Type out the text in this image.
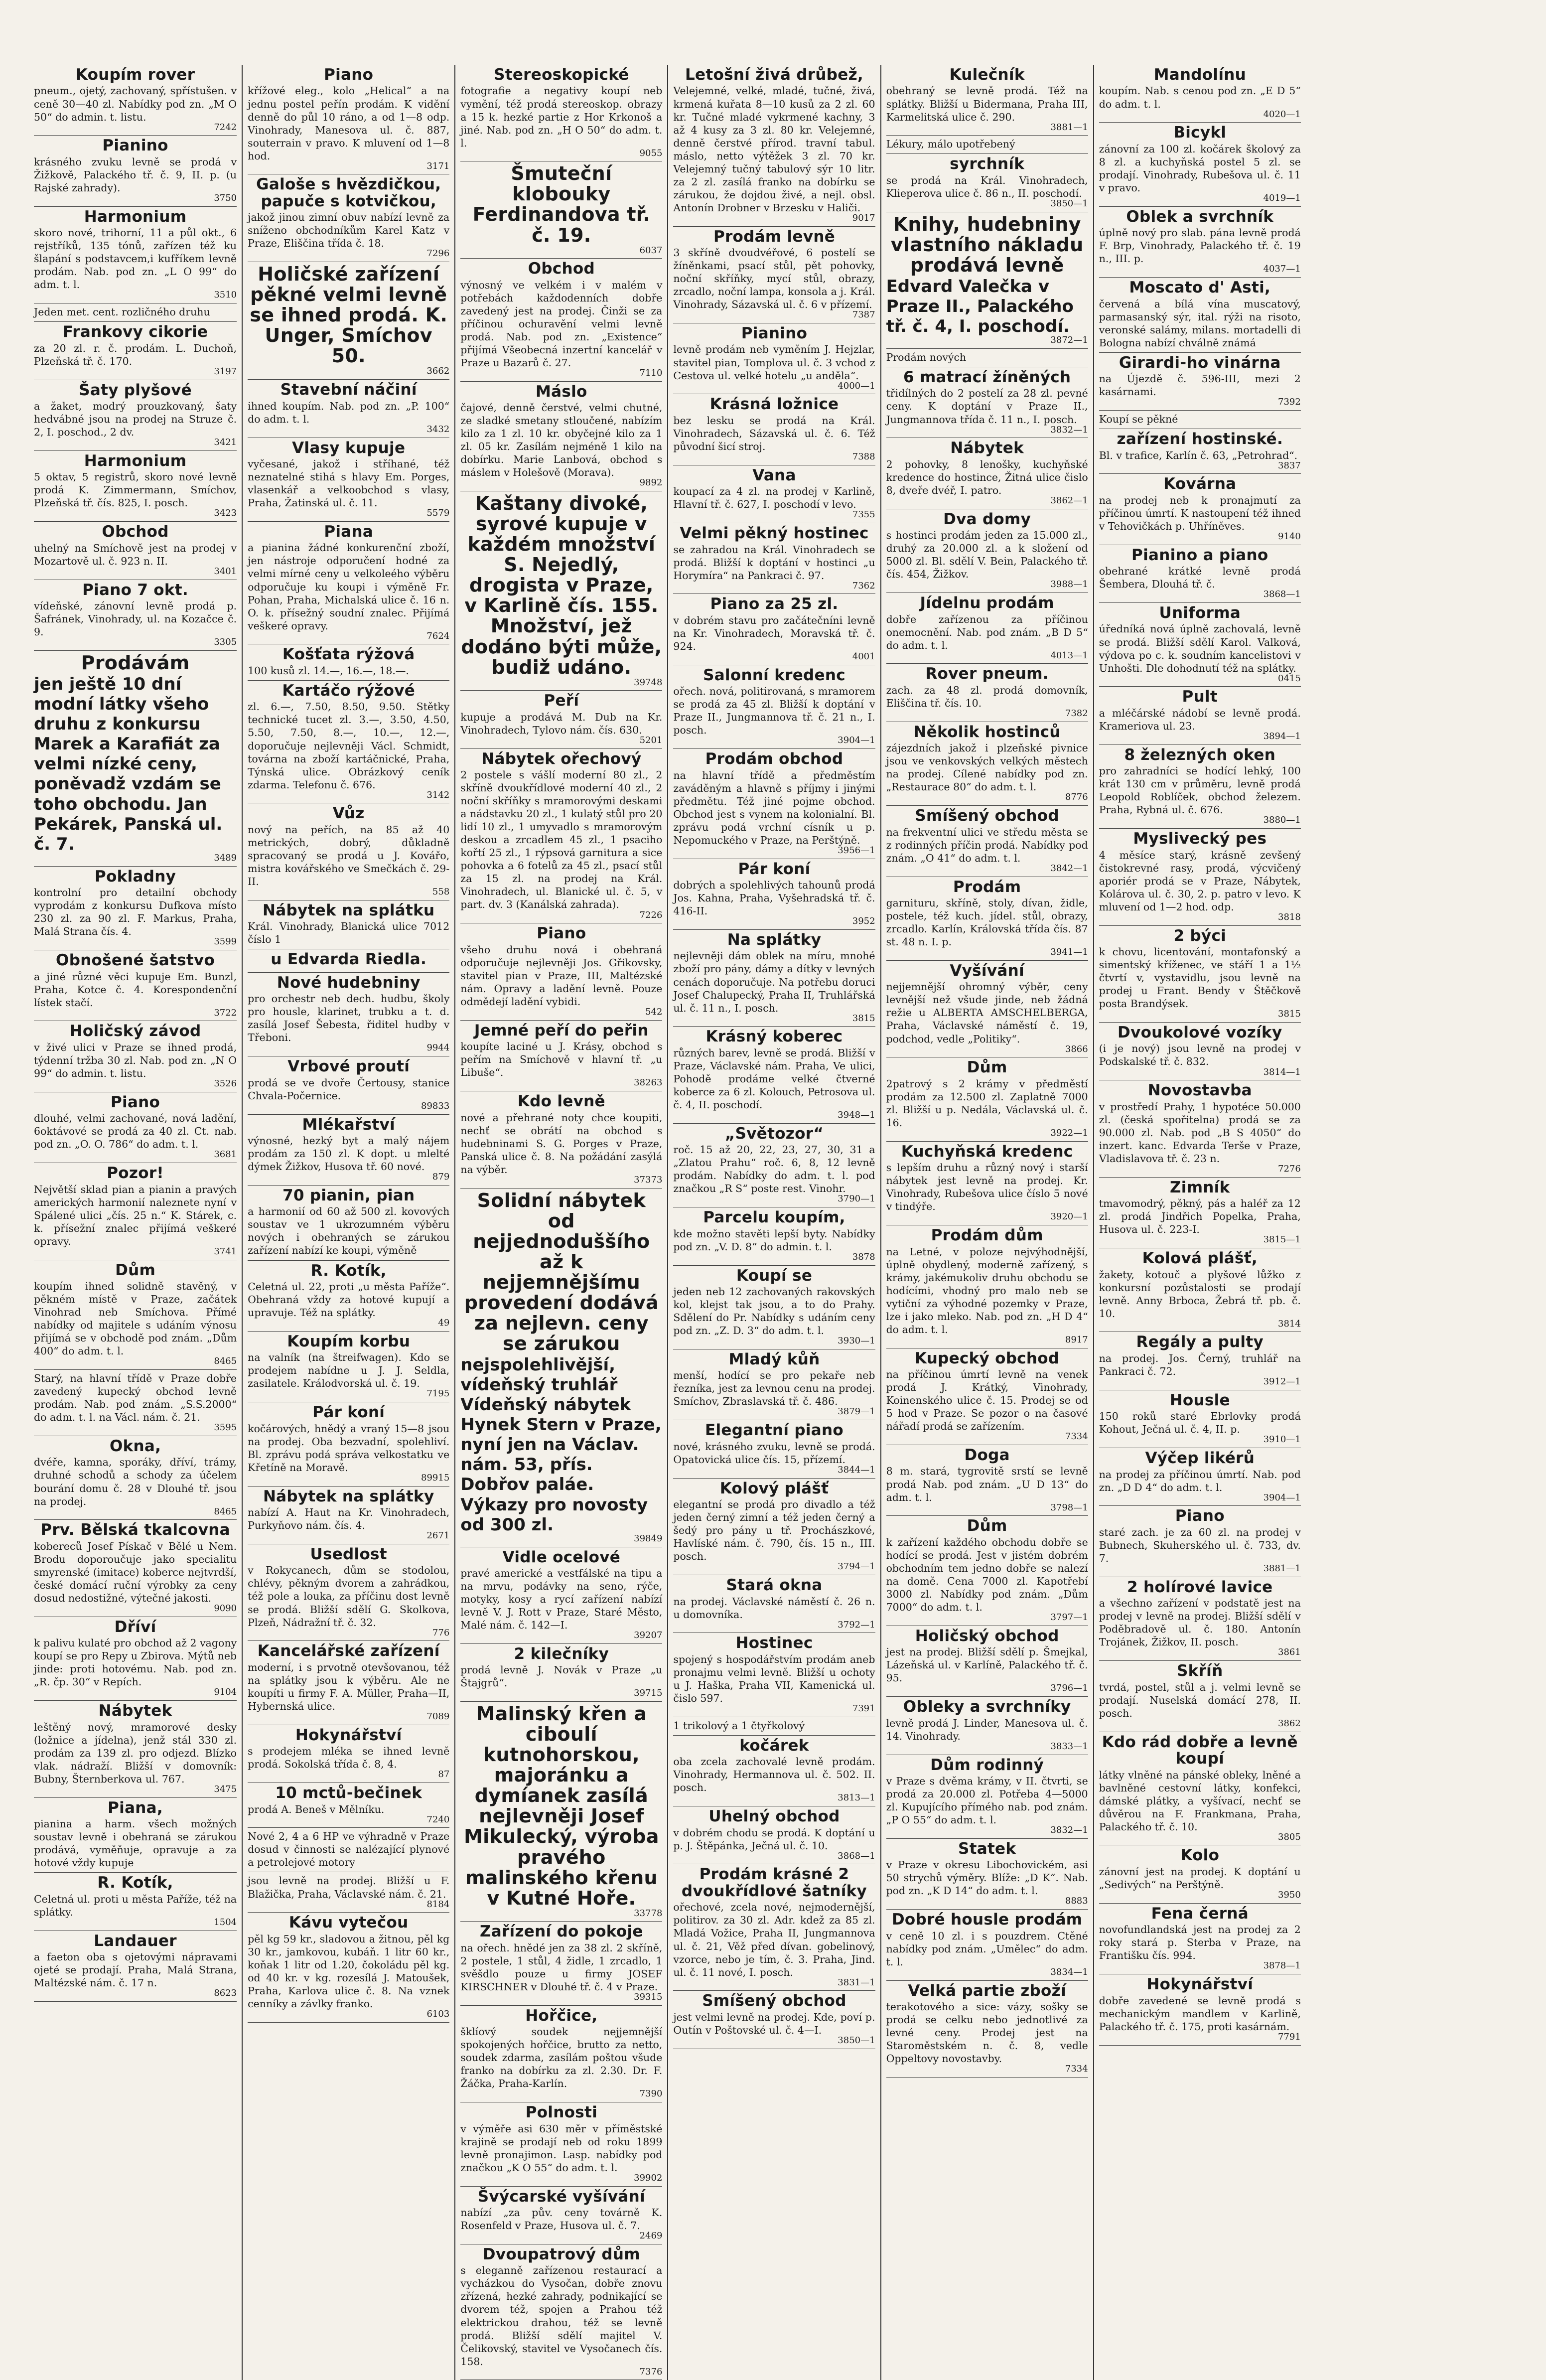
Koupím rover

pneum., ojetý, zachovaný, spřístušen. v ceně 30—40 zl. Nabídky pod zn. „M O 50“ do admin. t. listu.

7242
Pianino

krásného zvuku levně se prodá v Žižkově, Palackého tř. č. 9, II. p. (u Rajské zahrady).

3750
Harmonium

skoro nové, trihorní, 11 a půl okt., 6 rejstříků, 135 tónů, zařízen též ku šlapání s podstavcem,i kufříkem levně prodám. Nab. pod zn. „L O 99“ do adm. t. l.

3510

Jeden met. cent. rozličného druhu

Frankovy cikorie

za 20 zl. r. č. prodám. L. Duchoň, Plzeňská tř. č. 170.

3197
Šaty plyšové

a žaket, modrý prouzkovaný, šaty hedvábné jsou na prodej na Struze č. 2, I. poschod., 2 dv.

3421
Harmonium

5 oktav, 5 registrů, skoro nové levně prodá K. Zimmermann, Smíchov, Plzeňská tř. čís. 825, I. posch.

3423
Obchod

uhelný na Smíchově jest na prodej v Mozartově ul. č. 923 n. II.

3401
Piano 7 okt.

vídeňské, zánovní levně prodá p. Šafránek, Vinohrady, ul. na Kozačce č. 9.

3305
Prodávám

jen ještě 10 dní modní látky všeho druhu z konkursu Marek a Karafiát za velmi nízké ceny, poněvadž vzdám se toho obchodu. Jan Pekárek, Panská ul. č. 7.

3489
Pokladny

kontrolní pro detailní obchody vyprodám z konkursu Dufkova místo 230 zl. za 90 zl. F. Markus, Praha, Malá Strana čís. 4.

3599
Obnošené šatstvo

a jiné různé věci kupuje Em. Bunzl, Praha, Kotce č. 4. Korespondenční lístek stačí.

3722
Holičský závod

v živé ulici v Praze se ihned prodá, týdenní tržba 30 zl. Nab. pod zn. „N O 99“ do admin. t. listu.

3526
Piano

dlouhé, velmi zachované, nová ladění, 6oktávové se prodá za 40 zl. Ct. nab. pod zn. „O. O. 786“ do adm. t. l.

3681
Pozor!

Největší sklad pian a pianin a pravých amerických harmonií naleznete nyní v Spálené ulici „čís. 25 n.“ K. Stárek, c. k. přísežní znalec přijímá veškeré opravy.

3741
Dům

koupím ihned solidně stavěný, v pěkném místě v Praze, začátek Vinohrad neb Smíchova. Přímé nabídky od majitele s udáním výnosu přijímá se v obchodě pod znám. „Dům 400“ do adm. t. l.

8465

Starý, na hlavní třídě v Praze dobře zavedený kupecký obchod levně prodám. Nab. pod znám. „S.S.2000“ do adm. t. l. na Václ. nám. č. 21.

3595
Okna,

dvéře, kamna, sporáky, dříví, trámy, druhné schodů a schody za účelem bourání domu č. 28 v Dlouhé tř. jsou na prodej.

8465
Prv. Bělská tkalcovna

kobereců Josef Pískač v Bělé u Nem. Brodu doporoučuje jako specialitu smyrenské (imitace) koberce nejtvrdší, české domácí ruční výrobky za ceny dosud nedostižné, výtečné jakosti.

9090
Dříví

k palivu kulaté pro obchod až 2 vagony koupí se pro Repy u Zbirova. Mýtů neb jinde: proti hotovému. Nab. pod zn. „R. čp. 30“ v Repích.

9104
Nábytek

leštěný nový, mramorové desky (ložnice a jídelna), jenž stál 330 zl. prodám za 139 zl. pro odjezd. Blízko vlak. nádraží. Bližší v domovník: Bubny, Šternberkova ul. 767.

3475
Piana,

pianina a harm. všech možných soustav levně i obehraná se zárukou prodává, vyměňuje, opravuje a za hotové vždy kupuje

R. Kotík,

Celetná ul. proti u města Paříže, též na splátky.

1504
Landauer

a faeton oba s ojetovými nápravami ojeté se prodají. Praha, Malá Strana, Maltézské nám. č. 17 n.

8623
Piano

křížové eleg., kolo „Helical“ a na jednu postel peřín prodám. K vidění denně do půl 10 ráno, a od 1—8 odp. Vinohrady, Manesova ul. č. 887, souterrain v pravo. K mluvení od 1—8 hod.

3171
Galoše s hvězdičkou, papuče s kotvičkou,

jakož jinou zimní obuv nabízí levně za sníženo obchodníkům Karel Katz v Praze, Eliščina třída č. 18.

7296
Holičské zařízení pěkné velmi levně se ihned prodá. K. Unger, Smíchov 50.
3662
Stavební náčiní

ihned koupím. Nab. pod zn. „P. 100“ do adm. t. l.

3432
Vlasy kupuje

vyčesané, jakož i stříhané, též neznatelné stihá s hlavy Em. Porges, vlasenkář a velkoobchod s vlasy, Praha, Žatinská ul. č. 11.

5579
Piana

a pianina žádné konkurenční zboží, jen nástroje odporučení hodné za velmi mírné ceny u velkoleého výběru odporučuje ku koupi i výměně Fr. Pohan, Praha, Michalská ulice č. 16 n. O. k. přísežný soudní znalec. Přijímá veškeré opravy.

7624
Košťata rýžová

100 kusů zl. 14.—, 16.—, 18.—.

Kartáčo rýžové

zl. 6.—, 7.50, 8.50, 9.50. Stětky technické tucet zl. 3.—, 3.50, 4.50, 5.50, 7.50, 8.—, 10.—, 12.—, doporučuje nejlevněji Václ. Schmidt, továrna na zboží kartáčnické, Praha, Týnská ulice. Obrázkový ceník zdarma. Telefonu č. 676.

3142
Vůz

nový na peřích, na 85 až 40 metrických, dobrý, důkladně spracovaný se prodá u J. Kovářo, mistra kovářského ve Smečkách č. 29-II.

558
Nábytek na splátku

Král. Vinohrady, Blanická ulice 7012 číslo 1

u Edvarda Riedla.
Nové hudebniny

pro orchestr neb dech. hudbu, školy pro housle, klarinet, trubku a t. d. zasílá Josef Šebesta, řiditel hudby v Třeboni.

9944
Vrbové proutí

prodá se ve dvoře Čertousy, stanice Chvala-Počernice.

89833
Mlékařství

výnosné, hezký byt a malý nájem prodám za 150 zl. K dopt. u mlelté dýmek Žižkov, Husova tř. 60 nové.

879
70 pianin, pian

a harmonií od 60 až 500 zl. kovových soustav ve 1 ukrozumném výběru nových i obehraných se zárukou zařízení nabízí ke koupi, výměně

R. Kotík,

Celetná ul. 22, proti „u města Paříže“. Obehraná vždy za hotové kupují a upravuje. Též na splátky.

49
Koupím korbu

na valník (na štreifwagen). Kdo se prodejem nabídne u J. J. Seldla, zasilatele. Králodvorská ul. č. 19.

7195
Pár koní

kočárových, hnědý a vraný 15—8 jsou na prodej. Oba bezvadní, spolehliví. Bl. zprávu podá správa velkostatku ve Křetíně na Moravě.

89915
Nábytek na splátky

nabízí A. Haut na Kr. Vinohradech, Purkyňovo nám. čís. 4.

2671
Usedlost

v Rokycanech, dům se stodolou, chlévy, pěkným dvorem a zahrádkou, též pole a louka, za příčinu dost levně se prodá. Bližší sdělí G. Skolkova, Plzeň, Nádražní tř. č. 32.

776
Kancelářské zařízení

moderní, i s prvotně otevšovanou, též na splátky jsou k výběru. Ale ne koupíti u firmy F. A. Müller, Praha—II, Hybernská ulice.

7089
Hokynářství

s prodejem mléka se ihned levně prodá. Sokolská třída č. 8, 4.

87
10 mctů-bečinek

prodá A. Beneš v Mělníku.

7240

Nové 2, 4 a 6 HP ve výhradně v Praze dosud v činnosti se nalézající plynové a petrolejové motory

jsou levně na prodej. Bližší u F. Blažička, Praha, Václavské nám. č. 21.

8184
Kávu vytečou

pěl kg 59 kr., sladovou a žitnou, pěl kg 30 kr., jamkovou, kubáň. 1 litr 60 kr., koňak 1 litr od 1.20, čokoládu pěl kg. od 40 kr. v kg. rozesílá J. Matoušek, Praha, Karlova ulice č. 8. Na vznek cenníky a závlky franko.

6103
Stereoskopické

fotografie a negativy koupí neb vymění, též prodá stereoskop. obrazy a 15 k. hezké partie z Hor Krkonoš a jiné. Nab. pod zn. „H O 50“ do adm. t. l.

9055
Šmuteční klobouky Ferdinandova tř. č. 19.
6037
Obchod

výnosný ve velkém i v malém v potřebách každodenních dobře zavedený jest na prodej. Činži se za příčinou ochuravění velmi levně prodá. Nab. pod zn. „Existence“ přijímá Všeobecná inzertní kancelář v Praze u Bazarů č. 27.

7110
Máslo

čajové, denně čerstvé, velmi chutné, ze sladké smetany stloučené, nabízím kilo za 1 zl. 10 kr. obyčejné kilo za 1 zl. 05 kr. Zasílám nejméně 1 kilo na dobírku. Marie Lanbová, obchod s máslem v Holešově (Morava).

9892
Kaštany divoké, syrové kupuje v každém množství S. Nejedlý, drogista v Praze, v Karlině čís. 155. Množství, jež dodáno býti může, budiž udáno.
39748
Peří

kupuje a prodává M. Dub na Kr. Vinohradech, Tylovo nám. čís. 630.

5201
Nábytek ořechový

2 postele s vášlí moderní 80 zl., 2 skříně dvoukřídlové moderní 40 zl., 2 noční skříňky s mramorovými deskami a nádstavku 20 zl., 1 kulatý stůl pro 20 lidí 10 zl., 1 umyvadlo s mramorovým deskou a zrcadlem 45 zl., 1 psaciho kořtí 25 zl., 1 rýpsová garnitura a sice pohovka a 6 fotelů za 45 zl., psací stůl za 15 zl. na prodej na Král. Vinohradech, ul. Blanické ul. č. 5, v part. dv. 3 (Kanálská zahrada).

7226
Piano

všeho druhu nová i obehraná odporučuje nejlevněji Jos. Gřikovsky, stavitel pian v Praze, III, Maltézské nám. Opravy a ladění levně. Pouze odmědejí ladění vybidi.

542
Jemné peří do peřin

koupíte laciné u J. Krásy, obchod s peřím na Smíchově v hlavní tř. „u Libuše“.

38263
Kdo levně

nové a přehrané noty chce koupiti, nechť se obrátí na obchod s hudebninami S. G. Porges v Praze, Panská ulice č. 8. Na požádání zasýlá na výběr.

37373
Solidní nábytek od nejjednoduššího až k nejjemnějšímu provedení dodává za nejlevn. ceny se zárukou

nejspolehlivější, vídeňský truhlář Vídeňský nábytek Hynek Stern v Praze, nyní jen na Václav. nám. 53, přís. Dobřov paláe. Výkazy pro novosty od 300 zl.

39849
Vidle ocelové

pravé americké a vestfálské na tipu a na mrvu, podávky na seno, rýče, motyky, kosy a rycí zařízení nabízí levně V. J. Rott v Praze, Staré Město, Malé nám. č. 142—I.

39207
2 kilečníky

prodá levně J. Novák v Praze „u Štajgrů“.

39715
Malinský křen a ciboulí kutnohorskou, majoránku a dymíanek zasílá nejlevněji Josef Mikulecký, výroba pravého malinského křenu v Kutné Hoře.
33778
Zařízení do pokoje

na ořech. hnědé jen za 38 zl. 2 skříně, 2 postele, 1 stůl, 4 židle, 1 zrcadlo, 1 svěšdlo pouze u firmy JOSEF KIRSCHNER v Dlouhé tř. č. 4 v Praze.

39315
Hořčice,

šklíový soudek nejjemnější spokojených hořčice, brutto za netto, soudek zdarma, zasílám poštou všude franko na dobírku za zl. 2.30. Dr. F. Žáčka, Praha-Karlín.

7390
Polnosti

v výměře asi 630 měr v příměstské krajině se prodají neb od roku 1899 levně pronajimon. Lasp. nabídky pod značkou „K O 55“ do adm. t. l.

39902
Švýcarské vyšívání

nabízí „za pův. ceny továrně K. Rosenfeld v Praze, Husova ul. č. 7.

2469
Dvoupatrový dům

s eleganně zařízenou restaurací a vycházkou do Vysočan, dobře znovu zřízená, hezké zahrady, podnikající se dvorem též, spojen a Prahou též elektrickou drahou, též se levně prodá. Bližší sdělí majitel V. Čelikovský, stavitel ve Vysočanech čís. 158.

7376
Letošní živá drůbež,

Velejemné, velké, mladé, tučné, živá, krmená kuřata 8—10 kusů za 2 zl. 60 kr. Tučné mladé vykrmené kachny, 3 až 4 kusy za 3 zl. 80 kr. Velejemné, denně čerstvé přírod. travní tabul. máslo, netto výtěžek 3 zl. 70 kr. Velejemný tučný tabulový sýr 10 litr. za 2 zl. zasílá franko na dobírku se zárukou, že dojdou živé, a nejl. obsl. Antonín Drobner v Brzesku v Haliči.

9017
Prodám levně

3 skříně dvoudvéřové, 6 postelí se žíněnkami, psací stůl, pět pohovky, noční skříňky, mycí stůl, obrazy, zrcadlo, noční lampa, konsola a j. Král. Vinohrady, Sázavská ul. č. 6 v přízemí.

7387
Pianino

levně prodám neb vyměním J. Hejzlar, stavitel pian, Tomplova ul. č. 3 vchod z Cestova ul. velké hotelu „u anděla“.

4000—1
Krásná ložnice

bez lesku se prodá na Král. Vinohradech, Sázavská ul. č. 6. Též původní šicí stroj.

7388
Vana

koupací za 4 zl. na prodej v Karlině, Hlavní tř. č. 627, I. poschodí v levo.

7355
Velmi pěkný hostinec

se zahradou na Král. Vinohradech se prodá. Bližší k doptání v hostinci „u Horymíra“ na Pankraci č. 97.

7362
Piano za 25 zl.

v dobrém stavu pro začátečníni levně na Kr. Vinohradech, Moravská tř. č. 924.

4001
Salonní kredenc

ořech. nová, politirovaná, s mramorem se prodá za 45 zl. Bližší k doptání v Praze II., Jungmannova tř. č. 21 n., I. posch.

3904—1
Prodám obchod

na hlavní třídě a předměstím zaváděným a hlavně s příjmy i jinými předmětu. Též jiné pojme obchod. Obchod jest s vynem na kolonialní. Bl. zprávu podá vrchní císník u p. Nepomuckého v Praze, na Perštýně.

3956—1
Pár koní

dobrých a spolehlivých tahounů prodá Jos. Kahna, Praha, Vyšehradská tř. č. 416-II.

3952
Na splátky

nejlevněji dám oblek na míru, mnohé zboží pro pány, dámy a dítky v levných cenách doporučuje. Na potřebu doruci Josef Chalupecký, Praha II, Truhlářská ul. č. 11 n., I. posch.

3815
Krásný koberec

různých barev, levně se prodá. Bližší v Praze, Václavské nám. Praha, Ve ulici, Pohodě prodáme velké čtverné koberce za 6 zl. Kolouch, Petrosova ul. č. 4, II. poschodí.

3948—1
„Světozor“

roč. 15 až 20, 22, 23, 27, 30, 31 a „Zlatou Prahu“ roč. 6, 8, 12 levně prodám. Nabídky do adm. t. l. pod značkou „R S“ poste rest. Vinohr.

3790—1
Parcelu koupím,

kde možno stavěti lepší byty. Nabídky pod zn. „V. D. 8“ do admin. t. l.

3878
Koupí se

jeden neb 12 zachovaných rakovských kol, klejst tak jsou, a to do Prahy. Sdělení do Pr. Nabídky s udáním ceny pod zn. „Z. D. 3“ do adm. t. l.

3930—1
Mladý kůň

menší, hodící se pro pekaře neb řezníka, jest za levnou cenu na prodej. Smíchov, Zbraslavská tř. č. 486.

3879—1
Elegantní piano

nové, krásného zvuku, levně se prodá. Opatovická ulice čís. 15, přízemí.

3844—1
Kolový plášť

elegantní se prodá pro divadlo a též jeden černý zimní a též jeden černý a šedý pro pány u tř. Prochászkové, Havlíské nám. č. 790, čís. 15 n., III. posch.

3794—1
Stará okna

na prodej. Václavské náměstí č. 26 n. u domovníka.

3792—1
Hostinec

spojený s hospodářstvím prodám aneb pronajmu velmi levně. Bližší u ochoty u J. Haška, Praha VII, Kamenická ul. čislo 597.

7391

1 trikolový a 1 čtyřkolový

kočárek

oba zcela zachovalé levně prodám. Vinohrady, Hermannova ul. č. 502. II. posch.

3813—1
Uhelný obchod

v dobrém chodu se prodá. K doptání u p. J. Štěpánka, Ječná ul. č. 10.

3868—1
Prodám krásné 2 dvoukřídlové šatníky

ořechové, zcela nové, nejmodernější, politirov. za 30 zl. Adr. kdež za 85 zl. Mladá Vožice, Praha II, Jungmannova ul. č. 21, Věž před dívan. gobelinový, vzorce, nebo je tím, č. 3. Praha, Jind. ul. č. 11 nové, I. posch.

3831—1
Smíšený obchod

jest velmi levně na prodej. Kde, poví p. Outín v Poštovské ul. č. 4—I.

3850—1
Kulečník

obehraný se levně prodá. Též na splátky. Bližší u Bidermana, Praha III, Karmelitská ulice č. 290.

3881—1

Lékury, málo upotřebený

syrchník

se prodá na Král. Vinohradech, Klieperova ulice č. 86 n., II. poschodí.

3850—1
Knihy, hudebniny vlastního nákladu prodává levně

Edvard Valečka v Praze II., Palackého tř. č. 4, I. poschodí.

3872—1

Prodám nových

6 matrací žíněných

třidílných do 2 postelí za 28 zl. pevné ceny. K doptání v Praze II., Jungmannova třída č. 11 n., I. posch.

3832—1
Nábytek

2 pohovky, 8 lenošky, kuchyňské kredence do hostince, Žitná ulice čislo 8, dveře dvéř, I. patro.

3862—1
Dva domy

s hostinci prodám jeden za 15.000 zl., druhý za 20.000 zl. a k složení od 5000 zl. Bl. sdělí V. Bein, Palackého tř. čís. 454, Žižkov.

3988—1
Jídelnu prodám

dobře zařízenou za příčinou onemocnění. Nab. pod znám. „B D 5“ do adm. t. l.

4013—1
Rover pneum.

zach. za 48 zl. prodá domovník, Eliščina tř. čís. 10.

7382
Několik hostinců

zájezdních jakož i plzeňské pivnice jsou ve venkovských velkých městech na prodej. Cílené nabídky pod zn. „Restaurace 80“ do adm. t. l.

8776
Smíšený obchod

na frekventní ulici ve středu města se z rodinných příčin prodá. Nabídky pod znám. „O 41“ do adm. t. l.

3842—1
Prodám

garnituru, skříně, stoly, dívan, židle, postele, též kuch. jídel. stůl, obrazy, zrcadlo. Karlín, Královská třída čís. 87 st. 48 n. I. p.

3941—1
Vyšívání

nejjemnější ohromný výběr, ceny levnější než všude jinde, neb žádná režie u ALBERTA AMSCHELBERGA, Praha, Václavské náměstí č. 19, podchod, vedle „Politiky“.

3866
Dům

2patrový s 2 krámy v předměstí prodám za 12.500 zl. Zaplatně 7000 zl. Bližší u p. Nedála, Václavská ul. č. 16.

3922—1
Kuchyňská kredenc

s lepším druhu a různý nový i starší nábytek jest levně na prodej. Kr. Vinohrady, Rubešova ulice číslo 5 nové v tindýře.

3920—1
Prodám dům

na Letné, v poloze nejvýhodnější, úplně obydlený, moderně zařízený, s krámy, jakémukoliv druhu obchodu se hodícími, vhodný pro malo neb se vytiční za výhodné pozemky v Praze, lze i jako mleko. Nab. pod zn. „H D 4“ do adm. t. l.

8917
Kupecký obchod

na příčinou úmrtí levně na venek prodá J. Krátký, Vinohrady, Koinenského ulice č. 15. Prodej se od 5 hod v Praze. Se pozor o na časové nářadí prodá se zařízením.

7334
Doga

8 m. stará, tygrovitě srstí se levně prodá Nab. pod znám. „U D 13“ do adm. t. l.

3798—1
Dům

k zařízení každého obchodu dobře se hodící se prodá. Jest v jistém dobrém obchodním tem jedno dobře se nalezí na domě. Cena 7000 zl. Kapotřebí 3000 zl. Nabídky pod znám. „Dům 7000“ do adm. t. l.

3797—1
Holičský obchod

jest na prodej. Bližší sdělí p. Šmejkal, Lázeňská ul. v Karlíně, Palackého tř. č. 95.

3796—1
Obleky a svrchníky

levně prodá J. Linder, Manesova ul. č. 14. Vinohrady.

3833—1
Dům rodinný

v Praze s dvěma krámy, v II. čtvrti, se prodá za 20.000 zl. Potřeba 4—5000 zl. Kupujícího přímého nab. pod znám. „P O 55“ do adm. t. l.

3832—1
Statek

v Praze v okresu Libochovickém, asi 50 strychů výměry. Blíže: „D K“. Nab. pod zn. „K D 14“ do adm. t. l.

8883
Dobré housle prodám

v ceně 10 zl. i s pouzdrem. Ctěné nabídky pod znám. „Umělec“ do adm. t. l.

3834—1
Velká partie zboží

terakotového a sice: vázy, sošky se prodá se celku nebo jednotlivé za levné ceny. Prodej jest na Staroměstském n. č. 8, vedle Oppeltovy novostavby.

7334
Mandolínu

koupím. Nab. s cenou pod zn. „E D 5“ do adm. t. l.

4020—1
Bicykl

zánovní za 100 zl. kočárek školový za 8 zl. a kuchyňská postel 5 zl. se prodají. Vinohrady, Rubešova ul. č. 11 v pravo.

4019—1
Oblek a svrchník

úplně nový pro slab. pána levně prodá F. Brp, Vinohrady, Palackého tř. č. 19 n., III. p.

4037—1
Moscato d' Asti,

červená a bílá vína muscatový, parmasanský sýr, ital. rýži na risoto, veronské salámy, milans. mortadelli di Bologna nabízí chválně známá

Girardi-ho vinárna

na Újezdě č. 596-III, mezi 2 kasárnami.

7392

Koupí se pěkné

zařízení hostinské.

Bl. v trafice, Karlín č. 63, „Petrohrad“.

3837
Kovárna

na prodej neb k pronajmutí za příčinou úmrtí. K nastoupení též ihned v Tehovičkách p. Uhříněves.

9140
Pianino a piano

obehrané krátké levně prodá Šembera, Dlouhá tř. č.

3868—1
Uniforma

úředníká nová úplně zachovalá, levně se prodá. Bližší sdělí Karol. Valková, výdova po c. k. soudním kancelistovi v Unhošti. Dle dohodnutí též na splátky.

0415
Pult

a mléčárské nádobí se levně prodá. Krameriova ul. 23.

3894—1
8 železných oken

pro zahradníci se hodící lehký, 100 krát 130 cm v průměru, levně prodá Leopold Roblíček, obchod železem. Praha, Rybná ul. č. 676.

3880—1
Myslivecký pes

4 měsíce starý, krásně zevšený čistokrevné rasy, prodá, výcvičený aporiér prodá se v Praze, Nábytek, Kolárova ul. č. 30, 2. p. patro v levo. K mluvení od 1—2 hod. odp.

3818
2 býci

k chovu, licentování, montafonský a simentský kříženec, ve stáří 1 a 1½ čtvrtí v, vystavidlu, jsou levně na prodej u Frant. Bendy v Štěčkově posta Brandýsek.

3815
Dvoukolové vozíky

(i je nový) jsou levně na prodej v Podskalské tř. č. 832.

3814—1
Novostavba

v prostředí Prahy, 1 hypotéce 50.000 zl. (česká spořitelna) prodá se za 90.000 zl. Nab. pod „B S 4050“ do inzert. kanc. Edvarda Terše v Praze, Vladislavova tř. č. 23 n.

7276
Zimník

tmavomodrý, pěkný, pás a haléř za 12 zl. prodá Jindřich Popelka, Praha, Husova ul. č. 223-I.

3815—1
Kolová plášť,

žakety, kotouč a plyšové lůžko z konkursní pozůstalosti se prodají levně. Anny Brboca, Žebrá tř. pb. č. 10.

3814
Regály a pulty

na prodej. Jos. Černý, truhlář na Pankraci č. 72.

3912—1
Housle

150 roků staré Ebrlovky prodá Kohout, Ječná ul. č. 4, II. p.

3910—1
Výčep likérů

na prodej za příčinou úmrtí. Nab. pod zn. „D D 4“ do adm. t. l.

3904—1
Piano

staré zach. je za 60 zl. na prodej v Bubnech, Skuherského ul. č. 733, dv. 7.

3881—1
2 holírové lavice

a všechno zařízení v podstatě jest na prodej v levně na prodej. Bližší sdělí v Poděbradově ul. č. 180. Antonín Trojánek, Žižkov, II. posch.

3861
Skříň

tvrdá, postel, stůl a j. velmi levně se prodají. Nuselská domácí 278, II. posch.

3862
Kdo rád dobře a levně koupí

látky vlněné na pánské obleky, lněné a bavlněné cestovní látky, konfekci, dámské plátky, a vyšívací, nechť se důvěrou na F. Frankmana, Praha, Palackého tř. č. 10.

3805
Kolo

zánovní jest na prodej. K doptání u „Sedivých“ na Perštýně.

3950
Fena černá

novofundlandská jest na prodej za 2 roky stará p. Sterba v Praze, na Františku čís. 994.

3878—1
Hokynářství

dobře zavedené se levně prodá s mechanickým mandlem v Karlině, Palackého tř. č. 175, proti kasárnám.

7791
